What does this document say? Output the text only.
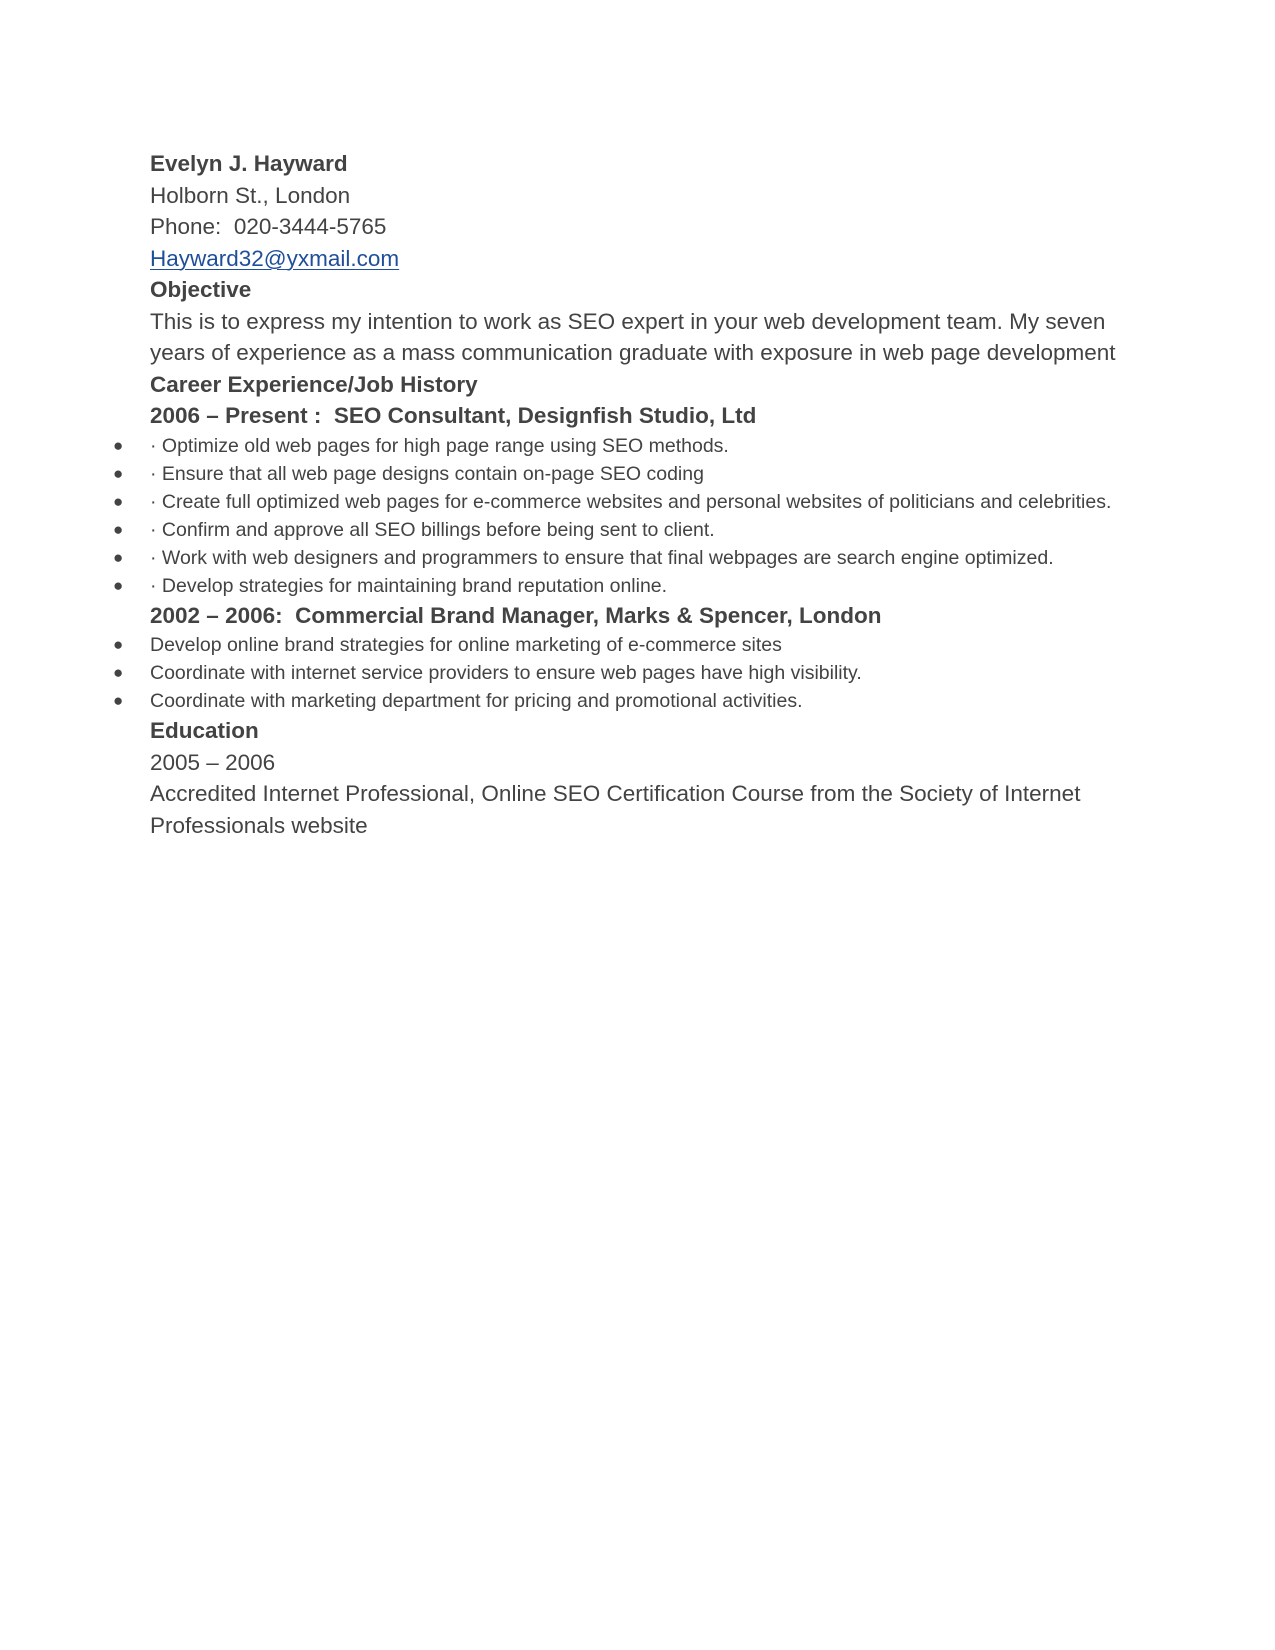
Evelyn J. Hayward

Holborn St., London

Phone:  020-3444-5765

Hayward32@yxmail.com

Objective

This is to express my intention to work as SEO expert in your web development team. My seven years of experience as a mass communication graduate with exposure in web page development

Career Experience/Job History

2006 – Present :  SEO Consultant, Designfish Studio, Ltd

● · Optimize old web pages for high page range using SEO methods.
● · Ensure that all web page designs contain on-page SEO coding
● · Create full optimized web pages for e-commerce websites and personal websites of politicians and celebrities.
● · Confirm and approve all SEO billings before being sent to client.
● · Work with web designers and programmers to ensure that final webpages are search engine optimized.
● · Develop strategies for maintaining brand reputation online.

2002 – 2006:  Commercial Brand Manager, Marks & Spencer, London

● Develop online brand strategies for online marketing of e-commerce sites
● Coordinate with internet service providers to ensure web pages have high visibility.
● Coordinate with marketing department for pricing and promotional activities.

Education

2005 – 2006

Accredited Internet Professional, Online SEO Certification Course from the Society of Internet Professionals website
